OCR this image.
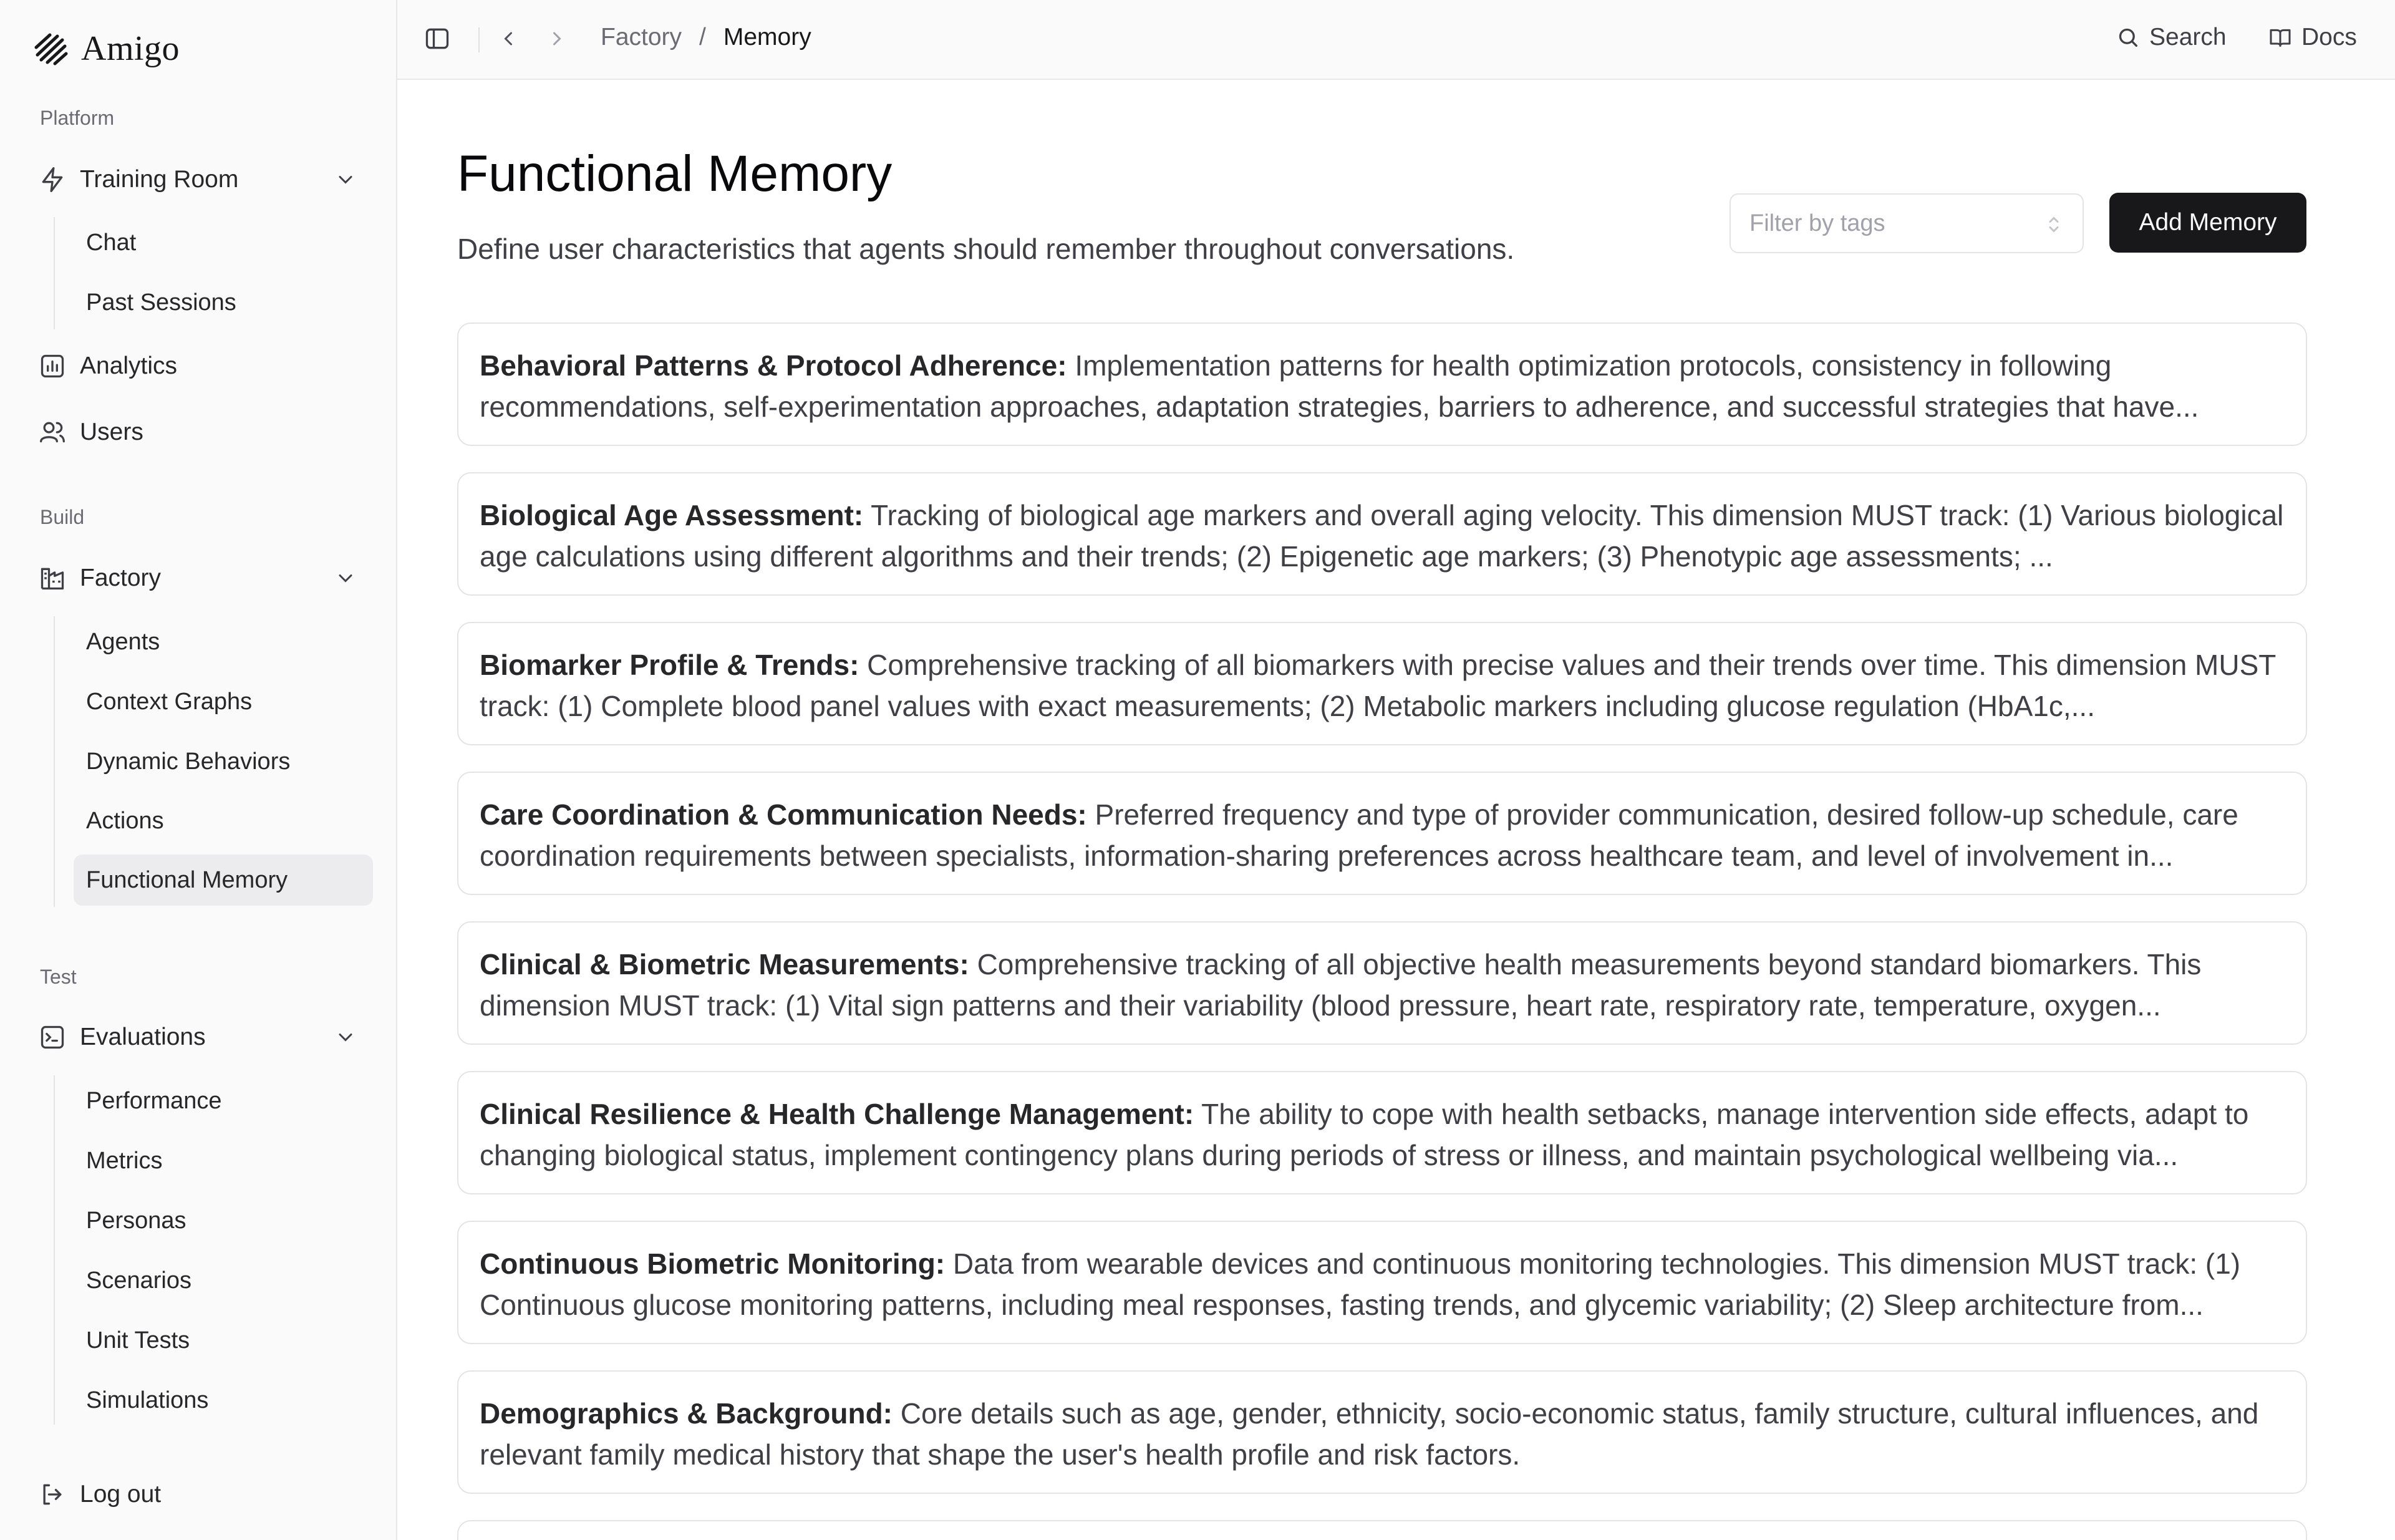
Amigo
Platform
Training Room
Chat
Past Sessions
Analytics
Users
Build
Factory
Agents
Context Graphs
Dynamic Behaviors
Actions
Functional Memory
Test
Evaluations
Performance
Metrics
Personas
Scenarios
Unit Tests
Simulations
Log out
Factory / Memory	Search	Docs
Functional Memory

Define user characteristics that agents should remember throughout conversations.

Filter by tags	Add Memory

Behavioral Patterns & Protocol Adherence: Implementation patterns for health optimization protocols, consistency in following recommendations, self-experimentation approaches, adaptation strategies, barriers to adherence, and successful strategies that have...

Biological Age Assessment: Tracking of biological age markers and overall aging velocity. This dimension MUST track: (1) Various biological age calculations using different algorithms and their trends; (2) Epigenetic age markers; (3) Phenotypic age assessments; ...

Biomarker Profile & Trends: Comprehensive tracking of all biomarkers with precise values and their trends over time. This dimension MUST track: (1) Complete blood panel values with exact measurements; (2) Metabolic markers including glucose regulation (HbA1c,...

Care Coordination & Communication Needs: Preferred frequency and type of provider communication, desired follow-up schedule, care coordination requirements between specialists, information-sharing preferences across healthcare team, and level of involvement in...

Clinical & Biometric Measurements: Comprehensive tracking of all objective health measurements beyond standard biomarkers. This dimension MUST track: (1) Vital sign patterns and their variability (blood pressure, heart rate, respiratory rate, temperature, oxygen...

Clinical Resilience & Health Challenge Management: The ability to cope with health setbacks, manage intervention side effects, adapt to changing biological status, implement contingency plans during periods of stress or illness, and maintain psychological wellbeing via...

Continuous Biometric Monitoring: Data from wearable devices and continuous monitoring technologies. This dimension MUST track: (1) Continuous glucose monitoring patterns, including meal responses, fasting trends, and glycemic variability; (2) Sleep architecture from...

Demographics & Background: Core details such as age, gender, ethnicity, socio-economic status, family structure, cultural influences, and relevant family medical history that shape the user's health profile and risk factors.
